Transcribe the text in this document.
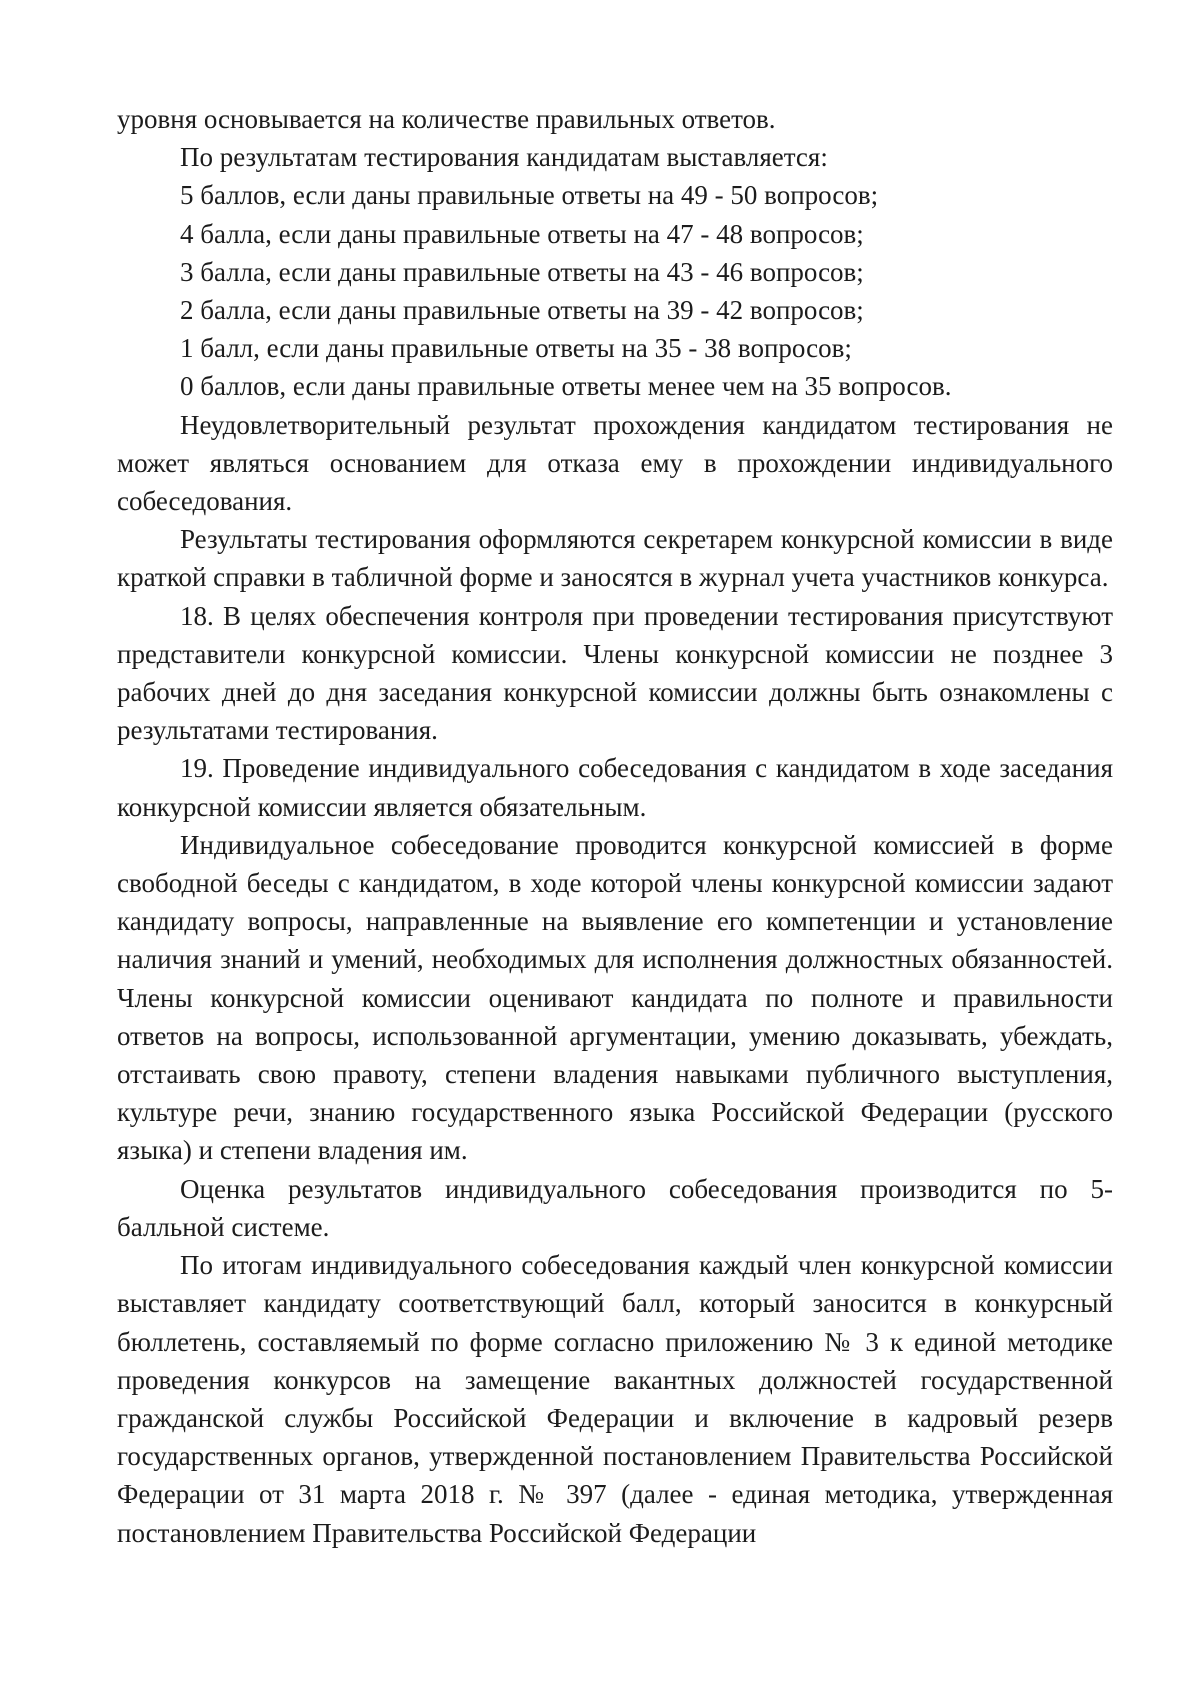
уровня основывается на количестве правильных ответов.

По результатам тестирования кандидатам выставляется:

5 баллов, если даны правильные ответы на 49 - 50 вопросов;

4 балла, если даны правильные ответы на 47 - 48 вопросов;

3 балла, если даны правильные ответы на 43 - 46 вопросов;

2 балла, если даны правильные ответы на 39 - 42 вопросов;

1 балл, если даны правильные ответы на 35 - 38 вопросов;

0 баллов, если даны правильные ответы менее чем на 35 вопросов.

Неудовлетворительный результат прохождения кандидатом тестирования не может являться основанием для отказа ему в прохождении индивидуального собеседования.

Результаты тестирования оформляются секретарем конкурсной комиссии в виде краткой справки в табличной форме и заносятся в журнал учета участников конкурса.

18. В целях обеспечения контроля при проведении тестирования присутствуют представители конкурсной комиссии. Члены конкурсной комиссии не позднее 3 рабочих дней до дня заседания конкурсной комиссии должны быть ознакомлены с результатами тестирования.

19. Проведение индивидуального собеседования с кандидатом в ходе заседания конкурсной комиссии является обязательным.

Индивидуальное собеседование проводится конкурсной комиссией в форме свободной беседы с кандидатом, в ходе которой члены конкурсной комиссии задают кандидату вопросы, направленные на выявление его компетенции и установление наличия знаний и умений, необходимых для исполнения должностных обязанностей. Члены конкурсной комиссии оценивают кандидата по полноте и правильности ответов на вопросы, использованной аргументации, умению доказывать, убеждать, отстаивать свою правоту, степени владения навыками публичного выступления, культуре речи, знанию государственного языка Российской Федерации (русского языка) и степени владения им.

Оценка результатов индивидуального собеседования производится по 5-балльной системе.

По итогам индивидуального собеседования каждый член конкурсной комиссии выставляет кандидату соответствующий балл, который заносится в конкурсный бюллетень, составляемый по форме согласно приложению № 3 к единой методике проведения конкурсов на замещение вакантных должностей государственной гражданской службы Российской Федерации и включение в кадровый резерв государственных органов, утвержденной постановлением Правительства Российской Федерации от 31 марта 2018 г. № 397 (далее - единая методика, утвержденная постановлением Правительства Российской Федерации
